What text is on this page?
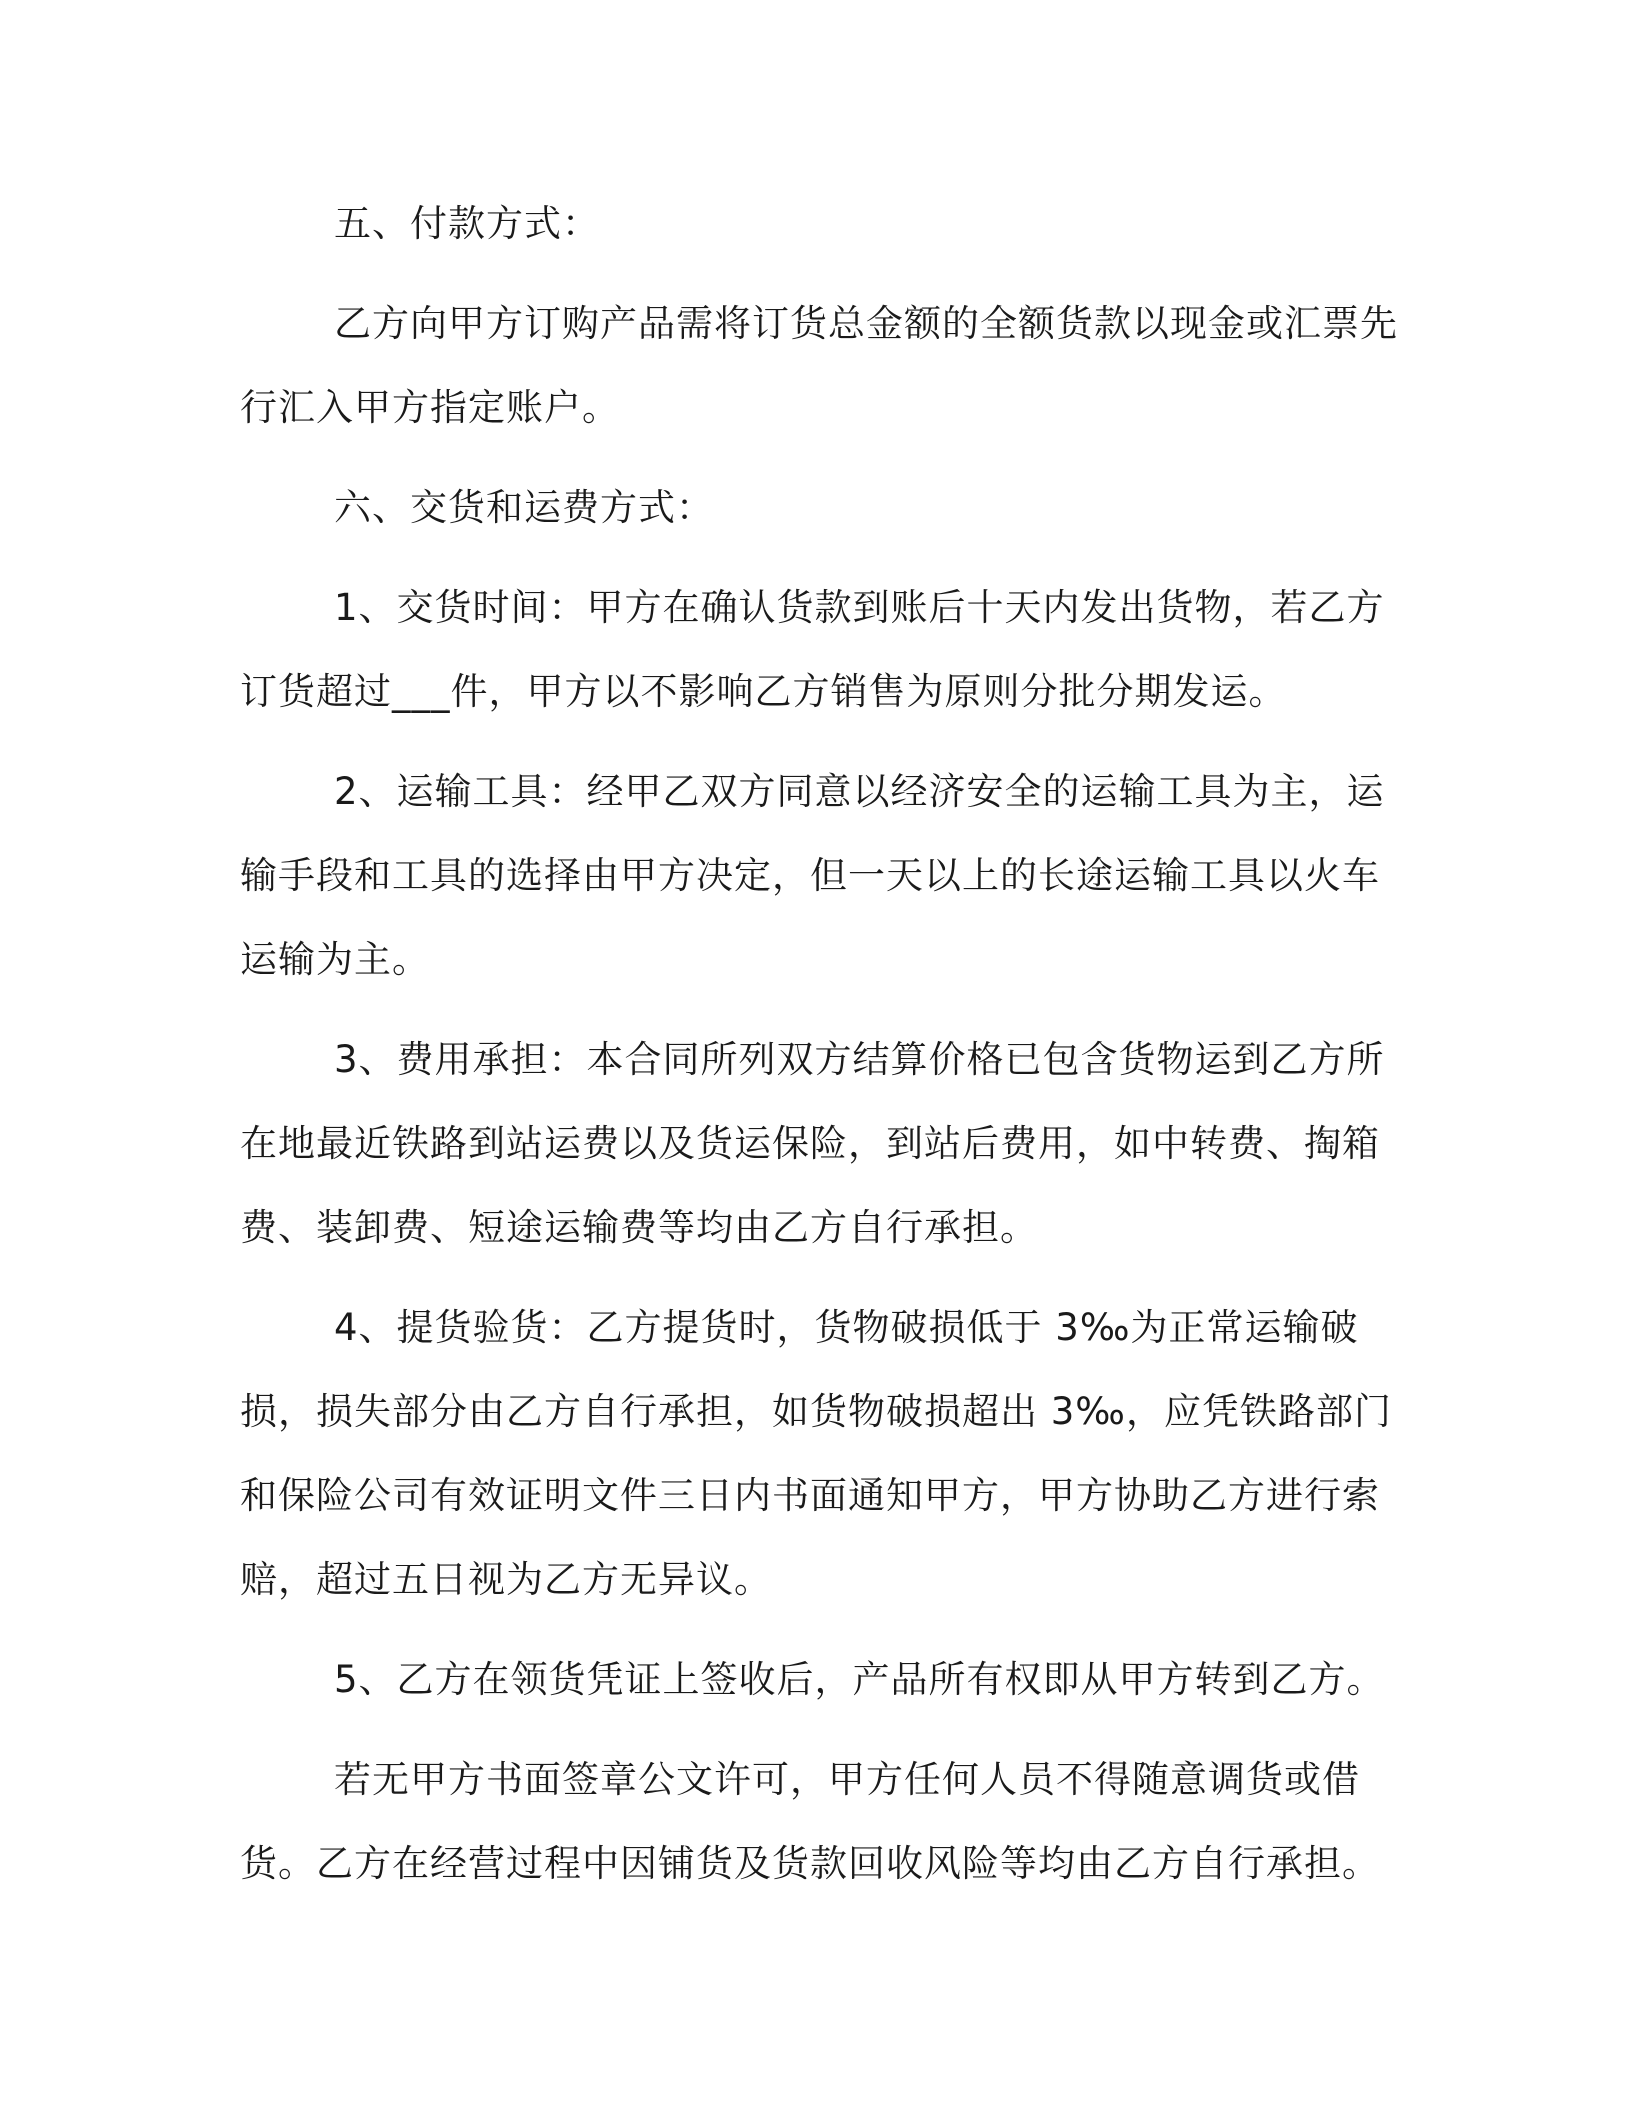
五、付款方式：

乙方向甲方订购产品需将订货总金额的全额货款以现金或汇票先行汇入甲方指定账户。

六、交货和运费方式：

1、交货时间：甲方在确认货款到账后十天内发出货物，若乙方订货超过___件，甲方以不影响乙方销售为原则分批分期发运。

2、运输工具：经甲乙双方同意以经济安全的运输工具为主，运输手段和工具的选择由甲方决定，但一天以上的长途运输工具以火车运输为主。

3、费用承担：本合同所列双方结算价格已包含货物运到乙方所在地最近铁路到站运费以及货运保险，到站后费用，如中转费、掏箱费、装卸费、短途运输费等均由乙方自行承担。

4、提货验货：乙方提货时，货物破损低于 3‰为正常运输破损，损失部分由乙方自行承担，如货物破损超出 3‰，应凭铁路部门和保险公司有效证明文件三日内书面通知甲方，甲方协助乙方进行索赔，超过五日视为乙方无异议。

5、乙方在领货凭证上签收后，产品所有权即从甲方转到乙方。

若无甲方书面签章公文许可，甲方任何人员不得随意调货或借货。乙方在经营过程中因铺货及货款回收风险等均由乙方自行承担。
